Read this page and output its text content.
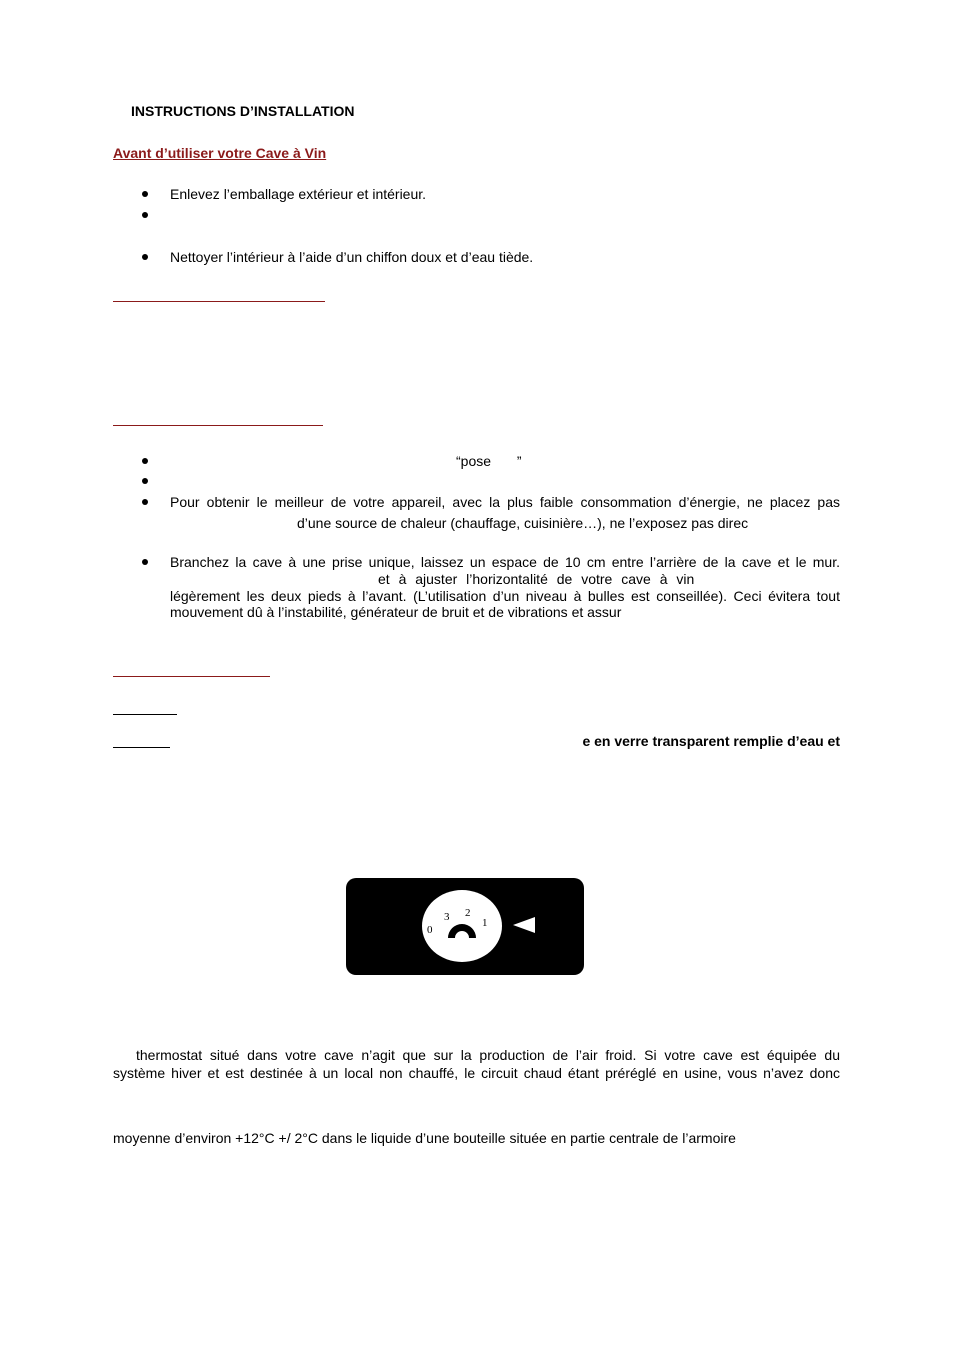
INSTRUCTIONS D’INSTALLATION
Avant d’utiliser votre Cave à Vin
Enlevez l’emballage extérieur et intérieur.
Nettoyer l’intérieur à l’aide d’un chiffon doux et d’eau tiède.
“pose ”
Pour obtenir le meilleur de votre appareil, avec la plus faible consommation d’énergie, ne placez pas
d’une source de chaleur (chauffage, cuisinière…), ne l’exposez pas direc
Branchez la cave à une prise unique, laissez un espace de 10 cm entre l’arrière de la cave et le mur.
et à ajuster l’horizontalité de votre cave à vin
légèrement les deux pieds à l’avant. (L’utilisation d’un niveau à bulles est conseillée). Ceci évitera tout
mouvement dû à l’instabilité, générateur de bruit et de vibrations et assur
e en verre transparent remplie d’eau et
0
3 2
1
thermostat situé dans votre cave n’agit que sur la production de l’air froid. Si votre cave est équipée du
système hiver et est destinée à un local non chauffé, le circuit chaud étant préréglé en usine, vous n’avez donc
moyenne d’environ +12°C +/ 2°C dans le liquide d’une bouteille située en partie centrale de l’armoire
